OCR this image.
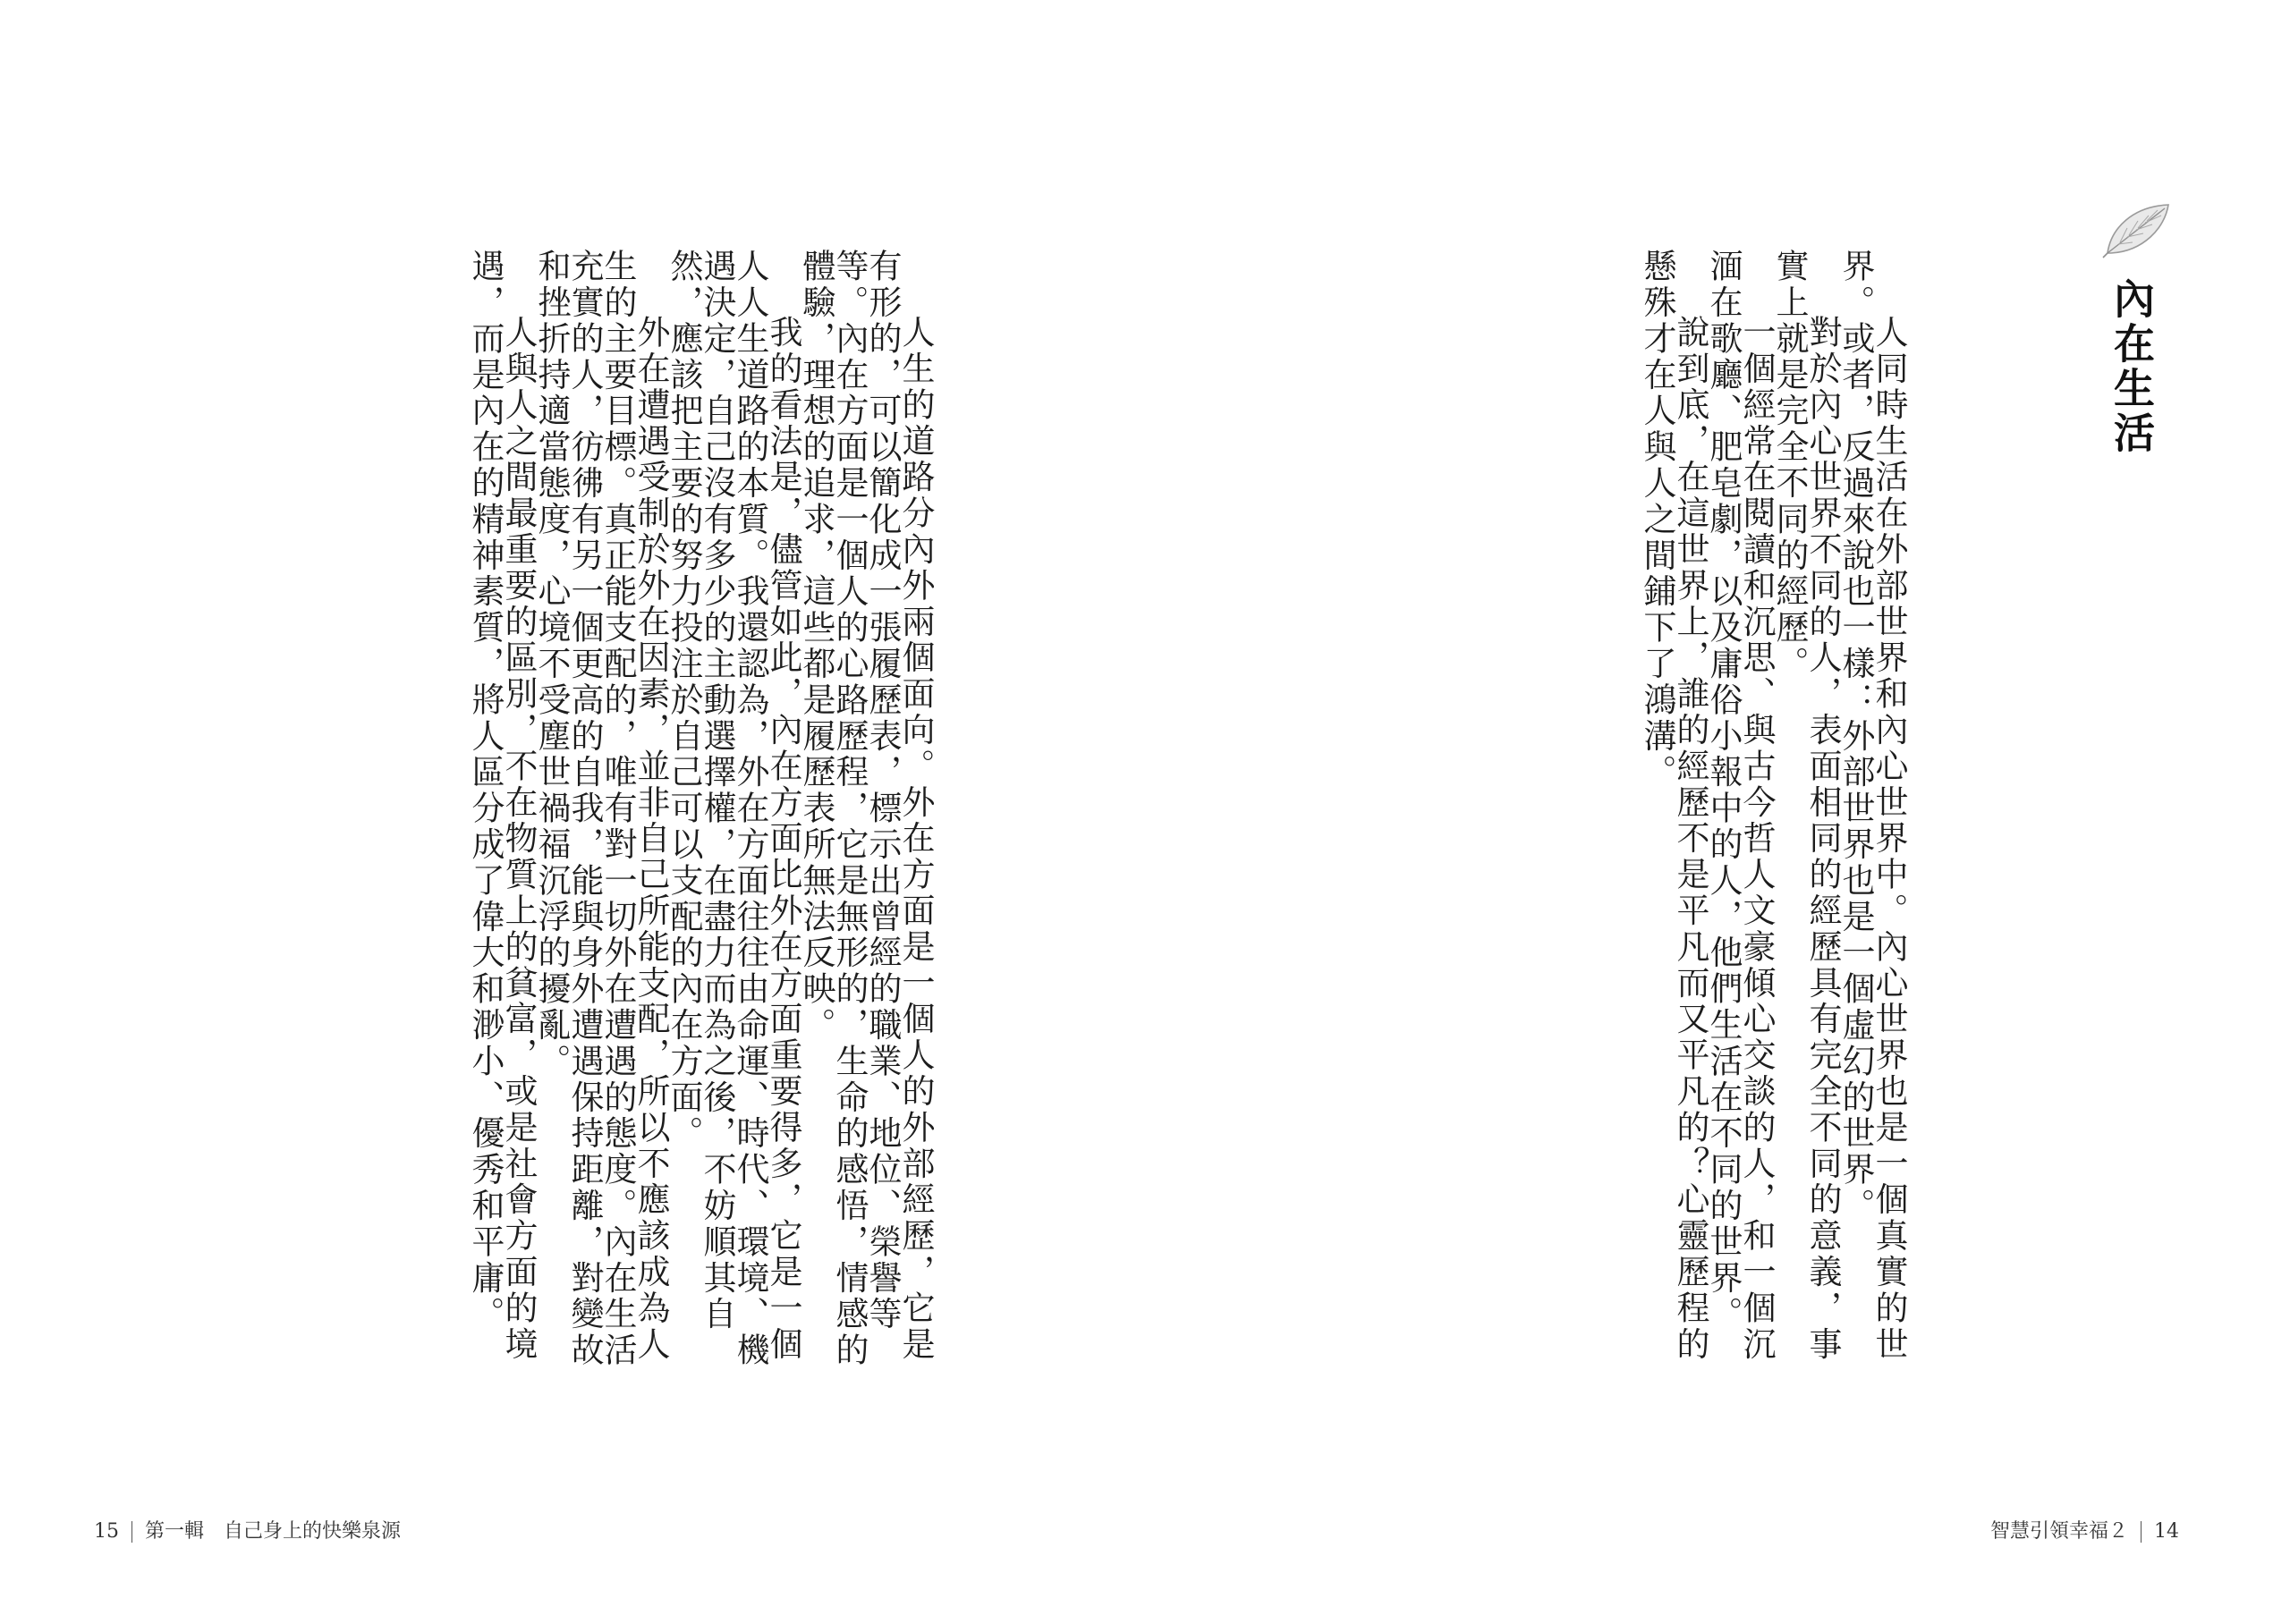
內在生活
人同時生活在外部世界和內心世界中。內心世界也是一個真實的世界。或者，反過來說也一樣：外部世界也是一個虛幻的世界。
對於內心世界不同的人，表面相同的經歷具有完全不同的意義，事實上就是完全不同的經歷。
一個經常在閱讀和沉思、與古今哲人文豪傾心交談的人，和一個沉湎在歌廳、肥皂劇，以及庸俗小報中的人，他們生活在不同的世界。
說到底，在這世界上，誰的經歷不是平凡而又平凡的？心靈歷程的懸殊才在人與人之間鋪下了鴻溝。
人生的道路分內外兩個面向。外在方面是一個人的外部經歷，它是有形的，可以簡化成一張履歷表，標示出曾經的職業、地位、榮譽等等。內在方面是一個人的心路歷程，它是無形的，生命的感悟，情感的體驗，理想的追求，這些都是履歷表所無法反映。
我的看法是，儘管如此，內在方面比外在方面重要得多，它是一個人人生道路的本質。我還認為，外在方面往往由命運、時代、環境、機遇決定，自己沒有多少的主動選擇權，在盡力而為之後，不妨順其自然，應該把主要的努力投注於自己可以支配的內在方面。
外在遭遇受制於外在因素，並非自己所能支配，所以不應該成為人生的主要目標。真正能支配的，唯有對一切外在遭遇的態度。內在生活充實的人，彷彿有另一個更高的自我，能與身外遭遇保持距離，對變故和挫折持適當態度，心境不受塵世禍福沉浮的擾亂。
人與人之間最重要的區別，不在物質上的貧富，或是社會方面的境遇，而是內在的精神素質，將人區分成了偉大和渺小、優秀和平庸。
15 第一輯 自己身上的快樂泉源	智慧引領幸福２ 14
